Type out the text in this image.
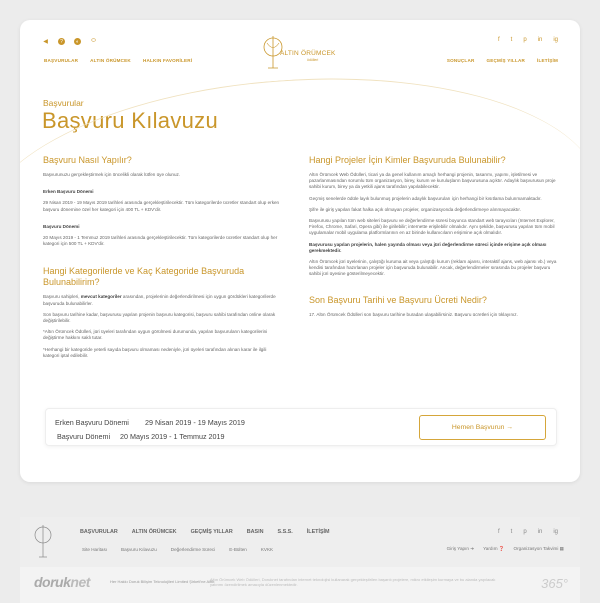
◀	?	◐	⬭	f t p in ig
BAŞVURULAR	ALTIN ÖRÜMCEK	HALKIN FAVORİLERİ
ALTIN ÖRÜMCEK
ödülleri	SONUÇLAR	GEÇMİŞ YILLAR	İLETİŞİM
Başvurular
Başvuru Kılavuzu
Başvuru Nasıl Yapılır?

Başvurunuzu gerçekleştirmek için öncelikli olarak lütfen üye olunuz.

Erken Başvuru Dönemi

29 Nisan 2019 - 19 Mayıs 2019 tarihleri arasında gerçekleştirilecektir. Tüm kategorilerde ücretler standart olup erken başvuru dönemine özel her kategori için 400 TL + KDV'dir.

Başvuru Dönemi

20 Mayıs 2019 - 1 Temmuz 2019 tarihleri arasında gerçekleştirilecektir. Tüm kategorilerde ücretler standart olup her kategori için 500 TL + KDV'dir.

Hangi Kategorilerde ve Kaç Kategoride Başvuruda Bulunabilirim?

Başvuru sahipleri, mevcut kategoriler arasından, projelerinin değerlendirilmesi için uygun gördükleri kategorilerde başvuruda bulunabilirler.

Son başvuru tarihine kadar, başvurusu yapılan projenin başvuru kategorisi, başvuru sahibi tarafından online olarak değiştirilebilir.

*Altın Örümcek Ödülleri, jüri üyeleri tarafından uygun görülmesi durumunda, yapılan başvuruların kategorilerini değiştirme hakkını saklı tutar.

*Herhangi bir kategoride yeterli sayıda başvuru olmaması nedeniyle, jüri üyeleri tarafından alınan karar ile ilgili kategori iptal edilebilir.

Hangi Projeler İçin Kimler Başvuruda Bulunabilir?

Altın Örümcek Web Ödülleri, ticari ya da genel kullanım amaçlı herhangi projenin, tasarımı, yapımı, işletilmesi ve pazarlanmasından sorumlu tüm organizasyon, birey, kurum ve kuruluşların başvurusuna açıktır. Adaylık başvurusun proje sahibi kurum, birey ya da yetkili ajans tarafından yapılabilecektir.

Geçmiş senelerde ödüle layık bulunmuş projelerin adaylık başvuruları için herhangi bir kısıtlama bulunmamaktadır.

Şifre ile giriş yapılan fakat halka açık olmayan projeler, organizasyonda değerlendirmeye alınmayacaktır.

Başvurusu yapılan tüm web siteleri başvuru ve değerlendirme süresi boyunca standart web tarayıcıları (Internet Explorer, Firefox, Chrome, Safari, Opera gibi) ile girilebilir; internette erişilebilir olmalıdır. Aynı şekilde, başvurusu yapılan tüm mobil uygulamalar mobil uygulama platformlarının en az birinde kullanıcıların erişimine açık olmalıdır.

Başvurusu yapılan projelerin, halen yayında olması veya jüri değerlendirme süreci içinde erişime açık olması gerekmektedir.

Altın Örümcek jüri üyelerinin, çalıştığı kuruma ait veya çalıştığı kurum (reklam ajansı, interaktif ajans, web ajansı vb.) veya kendisi tarafından hazırlanan projeler için başvuruda bulunabilir. Ancak, değerlendirmeler sırasında bu projeler başvuru sahibi jüri üyesine gösterilmeyecektir.

Son Başvuru Tarihi ve Başvuru Ücreti Nedir?

17. Altın Örümcek Ödülleri son başvuru tarihine buradan ulaşabilirsiniz. Başvuru ücretleri için tıklayınız.

Erken Başvuru Dönemi 29 Nisan 2019 - 19 Mayıs 2019
Başvuru Dönemi 20 Mayıs 2019 - 1 Temmuz 2019
Hemen Başvurun →
BAŞVURULAR	ALTIN ÖRÜMCEK	GEÇMİŞ YILLAR	BASIN	S.S.S.	İLETİŞİM
Site Haritası	Başvuru Kılavuzu	Değerlendirme Süreci	E-Bülten	KVKK
f t p in ig
Giriş Yapın ➜ Yardım ❓ Organizasyon Takvimi ▦
doruknet	Her Hakkı Doruk Bilişim Teknolojileri Limited Şirketi'ne Aittir.
Altın Örümcek Web Ödülleri, Doruknet tarafından internet teknolojisi kullanarak gerçekleştirilen başarılı projelere, mikro etkileşim kurmaya ve bu alanda yapılacak yatırımı özendirilmek amacıyla düzenlenmektedir.	365°
